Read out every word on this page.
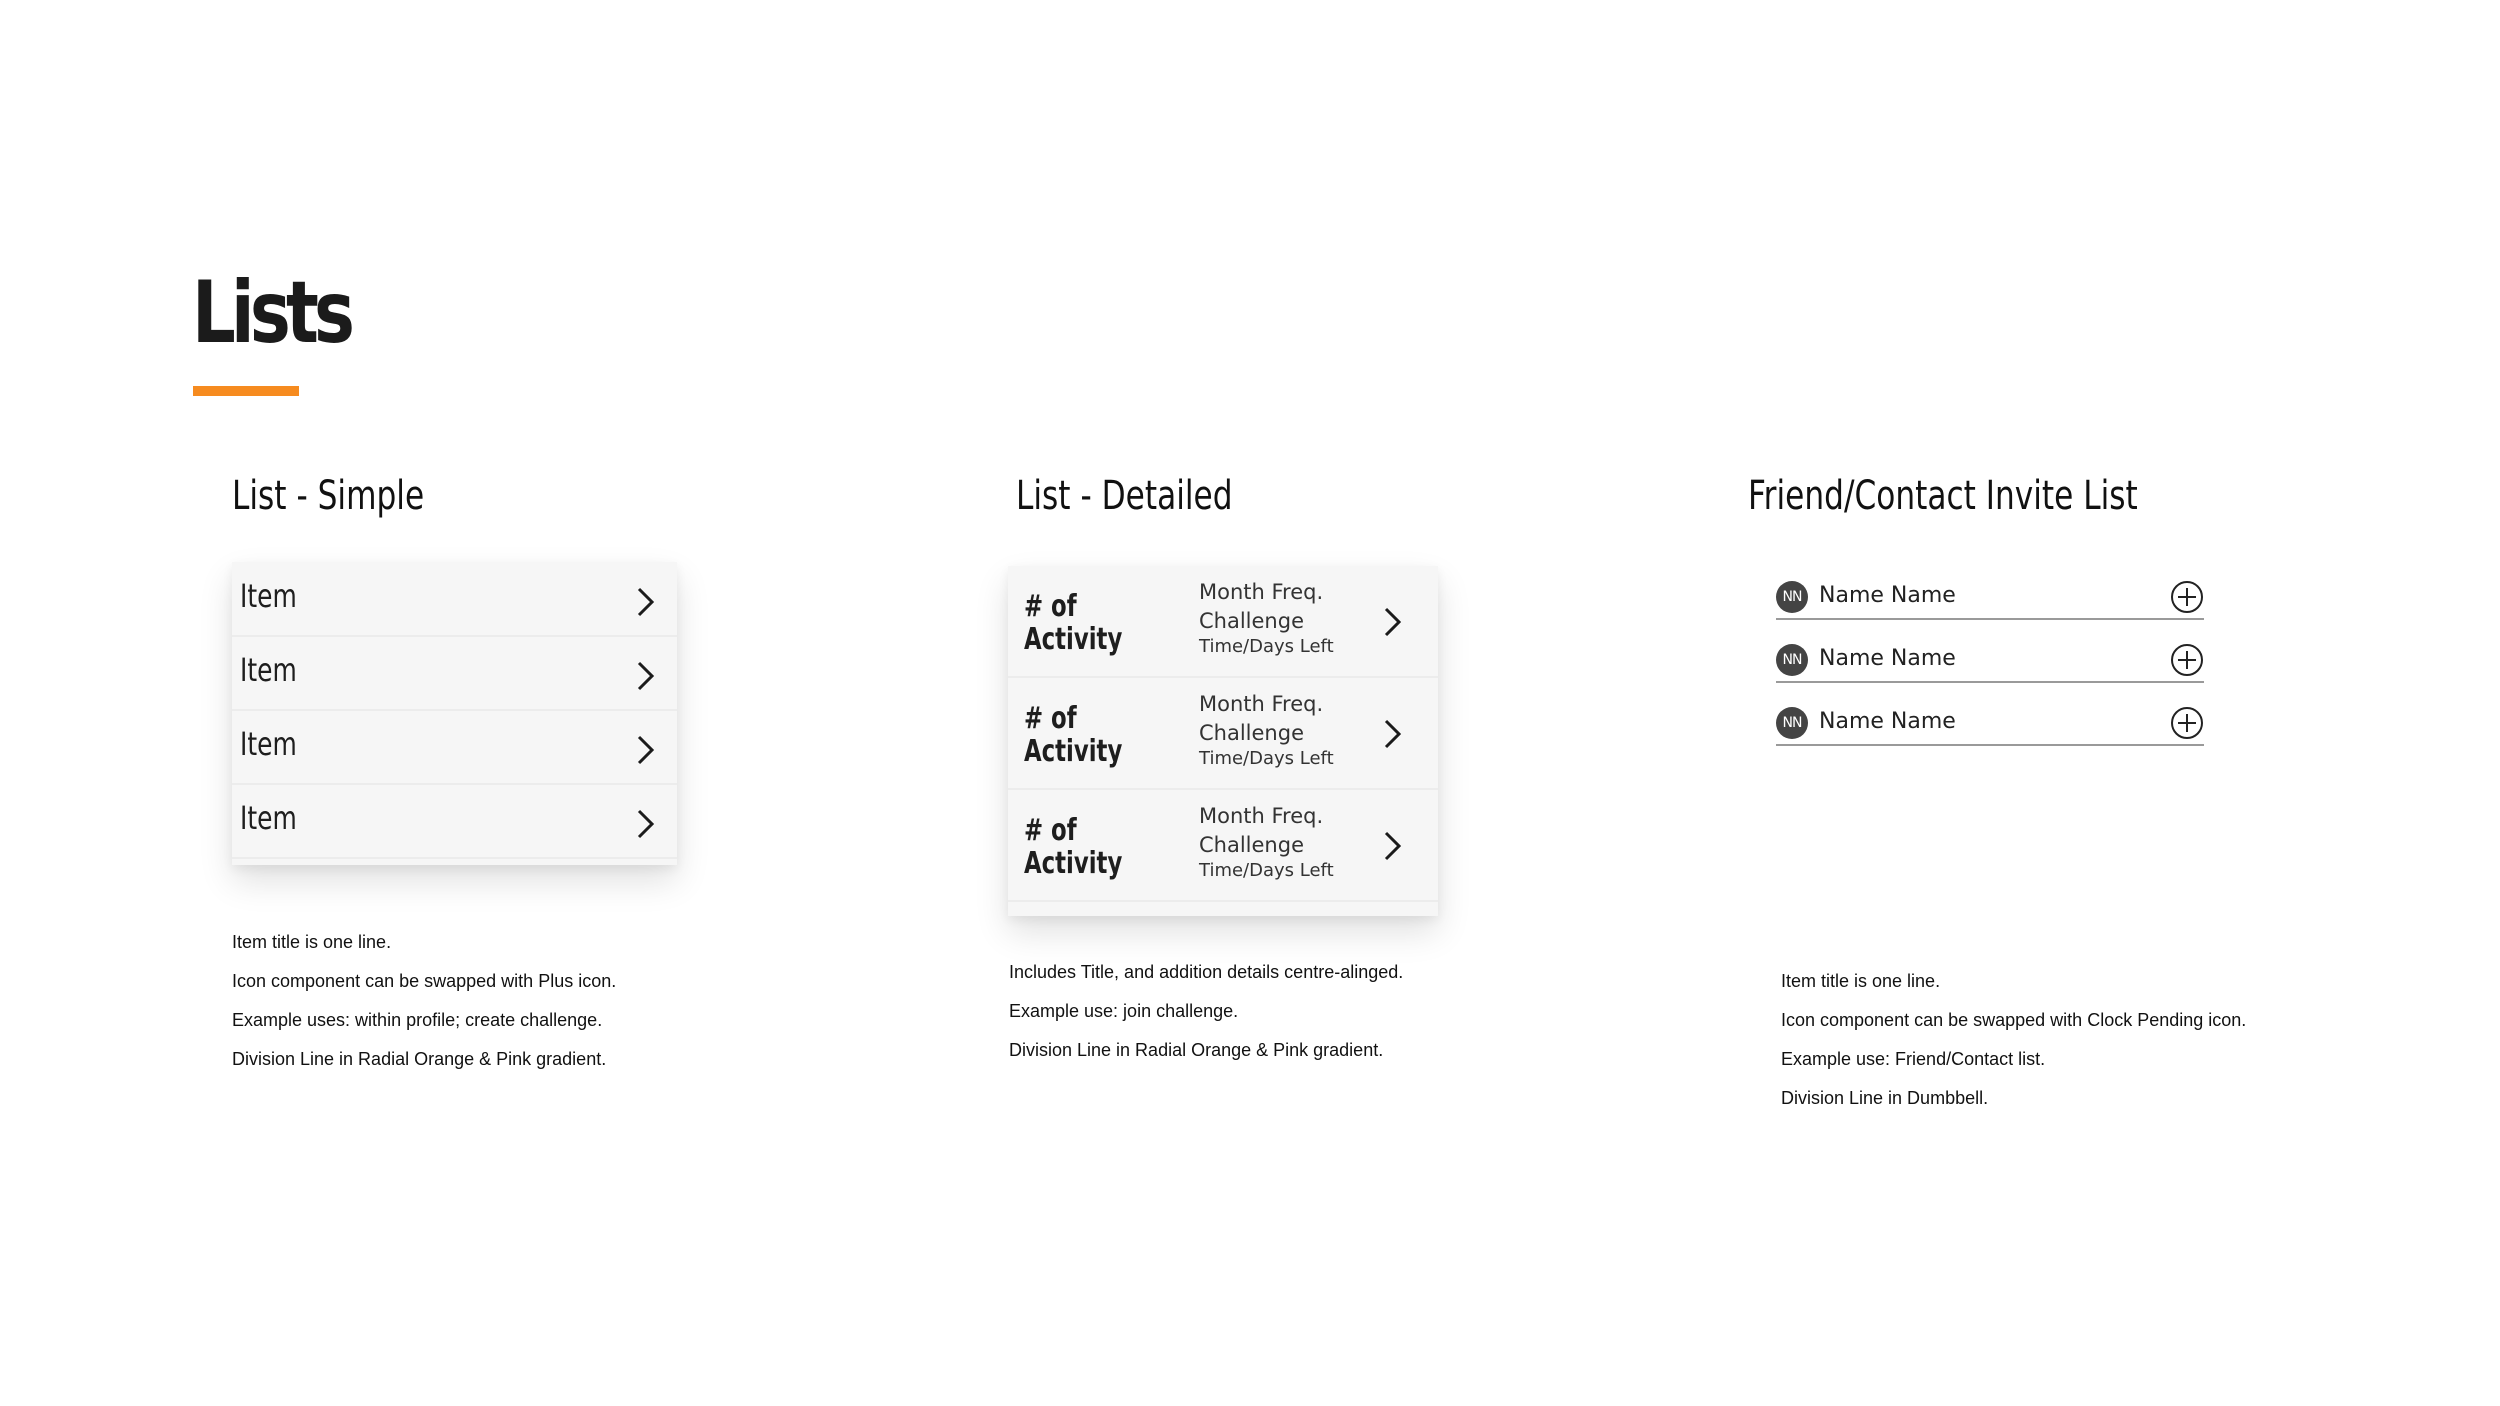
Lists
List - Simple
Item
Item
Item
Item
Item title is one line.
Icon component can be swapped with Plus icon.
Example uses: within profile; create challenge.
Division Line in Radial Orange & Pink gradient.
List - Detailed
# of
Activity
Month Freq.
Challenge
Time/Days Left
# of
Activity
Month Freq.
Challenge
Time/Days Left
# of
Activity
Month Freq.
Challenge
Time/Days Left
Includes Title, and addition details centre-alinged.
Example use: join challenge.
Division Line in Radial Orange & Pink gradient.
Friend/Contact Invite List
NN Name Name
NN Name Name
NN Name Name
Item title is one line.
Icon component can be swapped with Clock Pending icon.
Example use: Friend/Contact list.
Division Line in Dumbbell.
